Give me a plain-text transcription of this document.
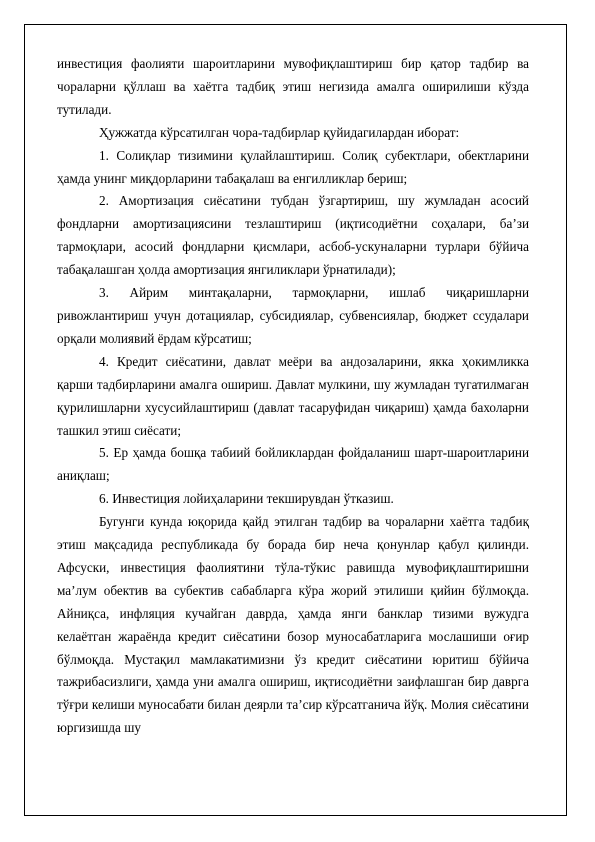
инвестиция фаолияти шароитларини мувофиқлаштириш бир қатор тадбир ва чораларни қўллаш ва хаётга тадбиқ этиш негизида амалга оширилиши кўзда тутилади.

Ҳужжатда кўрсатилган чора-тадбирлар қуйидагилардан иборат:

1. Солиқлар тизимини қулайлаштириш. Солиқ субектлари, обектларини ҳамда унинг миқдорларини табақалаш ва енгилликлар бериш;

2. Амортизация сиёсатини тубдан ўзгартириш, шу жумладан асосий фондларни амортизациясини тезлаштириш (иқтисодиётни соҳалари, ба’зи тармоқлари, асосий фондларни қисмлари, асбоб-ускуналарни турлари бўйича табақалашган ҳолда амортизация янгиликлари ўрнатилади);

3. Айрим минтақаларни, тармоқларни, ишлаб чиқаришларни ривожлантириш учун дотациялар, субсидиялар, субвенсиялар, бюджет ссудалари орқали молиявий ёрдам кўрсатиш;

4. Кредит сиёсатини, давлат меёри ва андозаларини, якка ҳокимликка қарши тадбирларини амалга ошириш. Давлат мулкини, шу жумладан тугатилмаган қурилишларни хусусийлаштириш (давлат тасаруфидан чиқариш) ҳамда бахоларни ташкил этиш сиёсати;

5. Ер ҳамда бошқа табиий бойликлардан фойдаланиш шарт-шароитларини аниқлаш;

6. Инвестиция лойиҳаларини текширувдан ўтказиш.

Бугунги кунда юқорида қайд этилган тадбир ва чораларни хаётга тадбиқ этиш мақсадида республикада бу борада бир неча қонунлар қабул қилинди. Афсуски, инвестиция фаолиятини тўла-тўкис равишда мувофиқлаштиришни ма’лум обектив ва субектив сабабларга кўра жорий этилиши қийин бўлмоқда. Айниқса, инфляция кучайган даврда, ҳамда янги банклар тизими вужудга келаётган жараёнда кредит сиёсатини бозор муносабатларига мослашиши оғир бўлмоқда. Мустақил мамлакатимизни ўз кредит сиёсатини юритиш бўйича тажрибасизлиги, ҳамда уни амалга ошириш, иқтисодиётни заифлашган бир даврга тўғри келиши муносабати билан деярли та’сир кўрсатганича йўқ. Молия сиёсатини юргизишда шу
